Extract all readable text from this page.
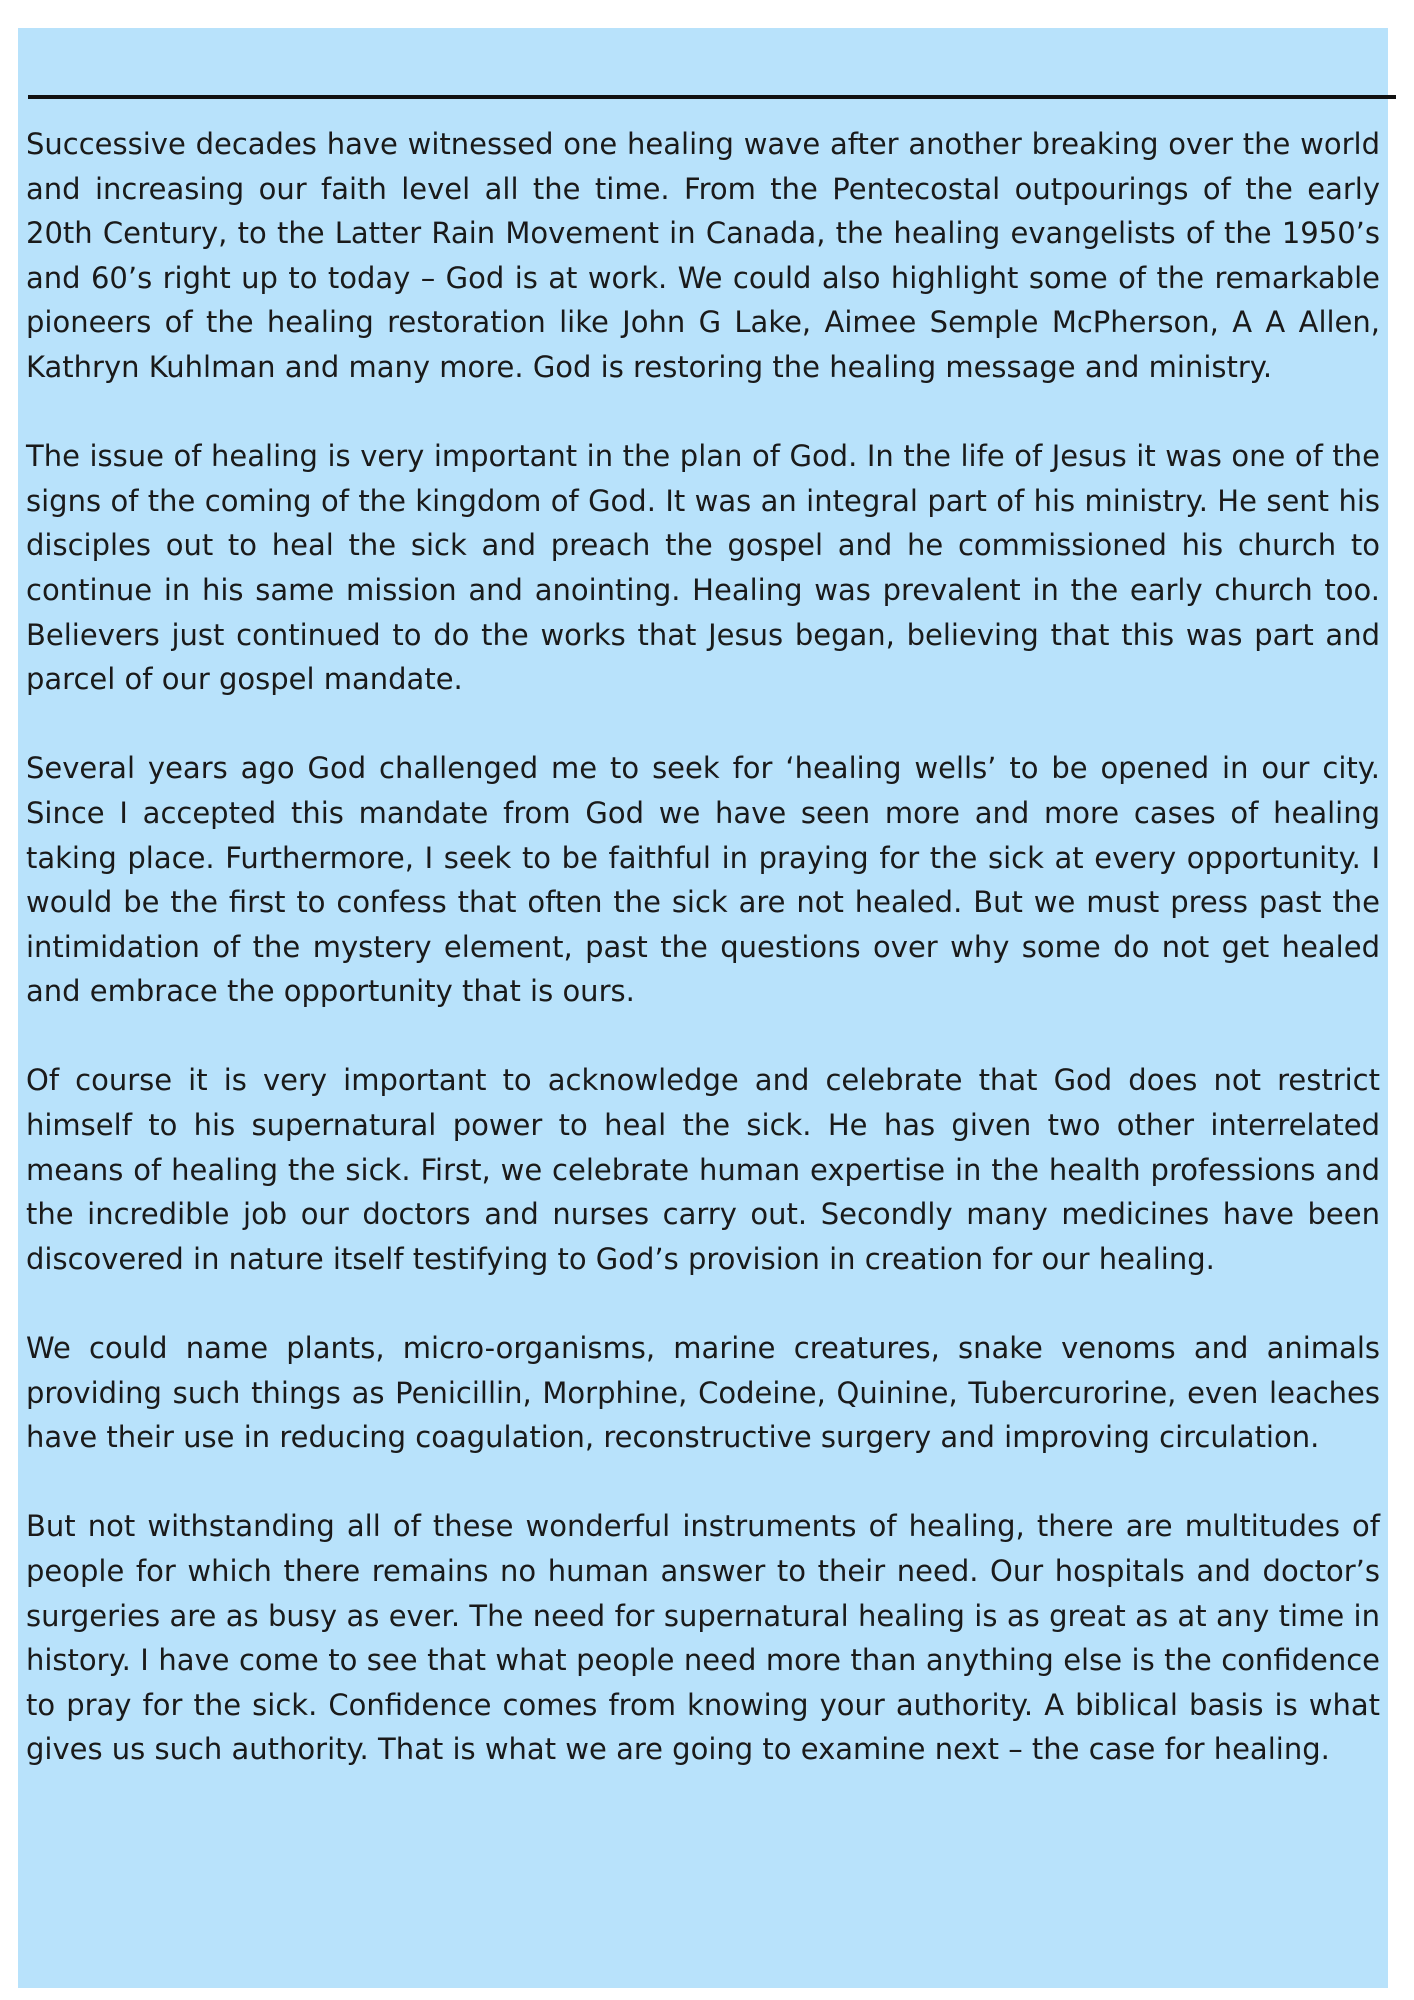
Successive decades have witnessed one healing wave after another breaking over the world and increasing our faith level all the time. From the Pentecostal outpourings of the early 20th Century, to the Latter Rain Movement in Canada, the healing evangelists of the 1950’s and 60’s right up to today – God is at work. We could also highlight some of the remarkable pioneers of the healing restoration like John G Lake, Aimee Semple McPherson, A A Allen, Kathryn Kuhlman and many more. God is restoring the healing message and ministry.

The issue of healing is very important in the plan of God. In the life of Jesus it was one of the signs of the coming of the kingdom of God. It was an integral part of his ministry. He sent his disciples out to heal the sick and preach the gospel and he commissioned his church to continue in his same mission and anointing. Healing was prevalent in the early church too. Believers just continued to do the works that Jesus began, believing that this was part and parcel of our gospel mandate.

Several years ago God challenged me to seek for ‘healing wells’ to be opened in our city. Since I accepted this mandate from God we have seen more and more cases of healing taking place. Furthermore, I seek to be faithful in praying for the sick at every opportunity. I would be the first to confess that often the sick are not healed. But we must press past the intimidation of the mystery element, past the questions over why some do not get healed and embrace the opportunity that is ours.

Of course it is very important to acknowledge and celebrate that God does not restrict himself to his supernatural power to heal the sick. He has given two other interrelated means of healing the sick. First, we celebrate human expertise in the health professions and the incredible job our doctors and nurses carry out. Secondly many medicines have been discovered in nature itself testifying to God’s provision in creation for our healing.

We could name plants, micro-organisms, marine creatures, snake venoms and animals providing such things as Penicillin, Morphine, Codeine, Quinine, Tubercurorine, even leaches have their use in reducing coagulation, reconstructive surgery and improving circulation.

But not withstanding all of these wonderful instruments of healing, there are multitudes of people for which there remains no human answer to their need. Our hospitals and doctor’s surgeries are as busy as ever. The need for supernatural healing is as great as at any time in history. I have come to see that what people need more than anything else is the confidence to pray for the sick. Confidence comes from knowing your authority. A biblical basis is what gives us such authority. That is what we are going to examine next – the case for healing.
